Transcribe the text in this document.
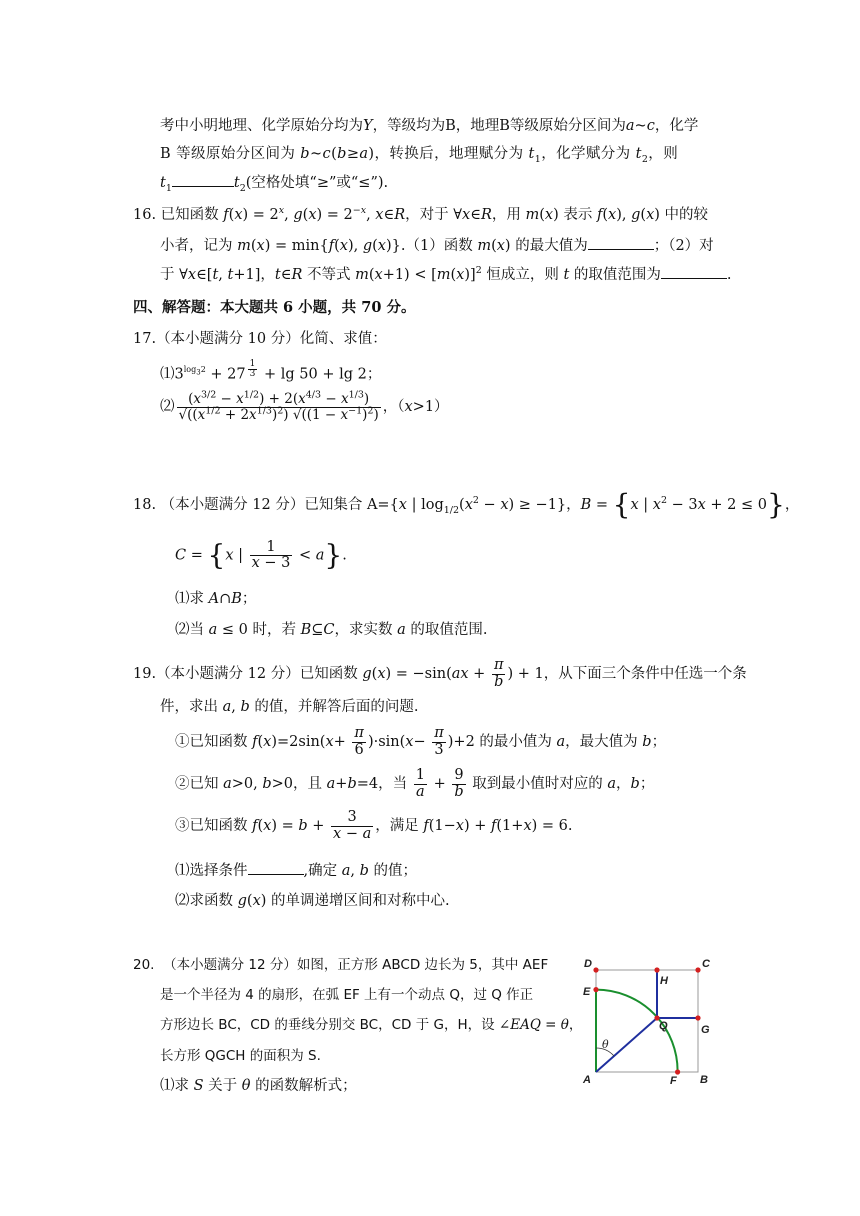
考中小明地理、化学原始分均为Y，等级均为B，地理B等级原始分区间为a~c，化学
B 等级原始分区间为 b~c(b≥a)，转换后，地理赋分为 $t_1$，化学赋分为 $t_2$，则
$t_1$	$t_2$(空格处填“≥”或“≤”).
16. 已知函数 $f(x) = 2^x$, $g(x) = 2^{-x}$, x∈R，对于 ∀x∈R，用 m(x) 表示 f(x), g(x) 中的较
小者，记为 m(x) = min{f(x), g(x)}.（1）函数 m(x) 的最大值为	；（2）对
于 ∀x∈[t, t+1]，t∈R 不等式 $m(x+1) < [m(x)]^2$ 恒成立，则 t 的取值范围为	.
四、解答题：本大题共 6 小题，共 70 分。
17.（本小题满分 10 分）化简、求值：
$⑴3^{log_32} + 27$ $^{\frac{1}{3}}$ + lg 50 + lg 2；
⑵ $\frac{(x^{3/2} - x^{1/2}) + 2(x^{4/3} - x^{1/3})}{√((x^{1/2} + 2x^{1/3})^2) √((1 - x^{-1})^2)}$ ，（x>1）
18. （本小题满分 12 分）已知集合 A={x | $\log_{1/2}(x^2 - x) \ge -1$}，B = {x | $x^2 - 3x + 2 \le 0$}，
C = {x | $\frac{1}{x - 3} < a$}.
⑴求 A∩B；
⑵当 a ≤ 0 时，若 B⊆C，求实数 a 的取值范围.
19.（本小题满分 12 分）已知函数 $g(x) = -\sin(ax + \frac{\pi}{b}$ ) + 1，从下面三个条件中任选一个条
件，求出 a, b 的值，并解答后面的问题.
①已知函数 $f(x)=2\sin(x+ \frac{\pi}{6} )\cdot\sin(x- \frac{\pi}{3} )+2$ 的最小值为 a，最大值为 b；
②已知 a>0, b>0，且 a+b=4，当 $\frac{1}{a} + \frac{9}{b}$ 取到最小值时对应的 a，b；
③已知函数 $f(x) = b + \frac{3}{x - a}$ ，满足 f(1−x) + f(1+x) = 6.
⑴选择条件	,确定 a, b 的值；
⑵求函数 g(x) 的单调递增区间和对称中心.
20. （本小题满分 12 分）如图，正方形 ABCD 边长为 5，其中 AEF
是一个半径为 4 的扇形，在弧 EF 上有一个动点 Q，过 Q 作正
方形边长 BC，CD 的垂线分别交 BC，CD 于 G，H，设 ∠EAQ = θ，
长方形 QGCH 的面积为 S.
⑴求 S 关于 θ 的函数解析式；
D	C
H
E
Q	G
A	F B
θ
